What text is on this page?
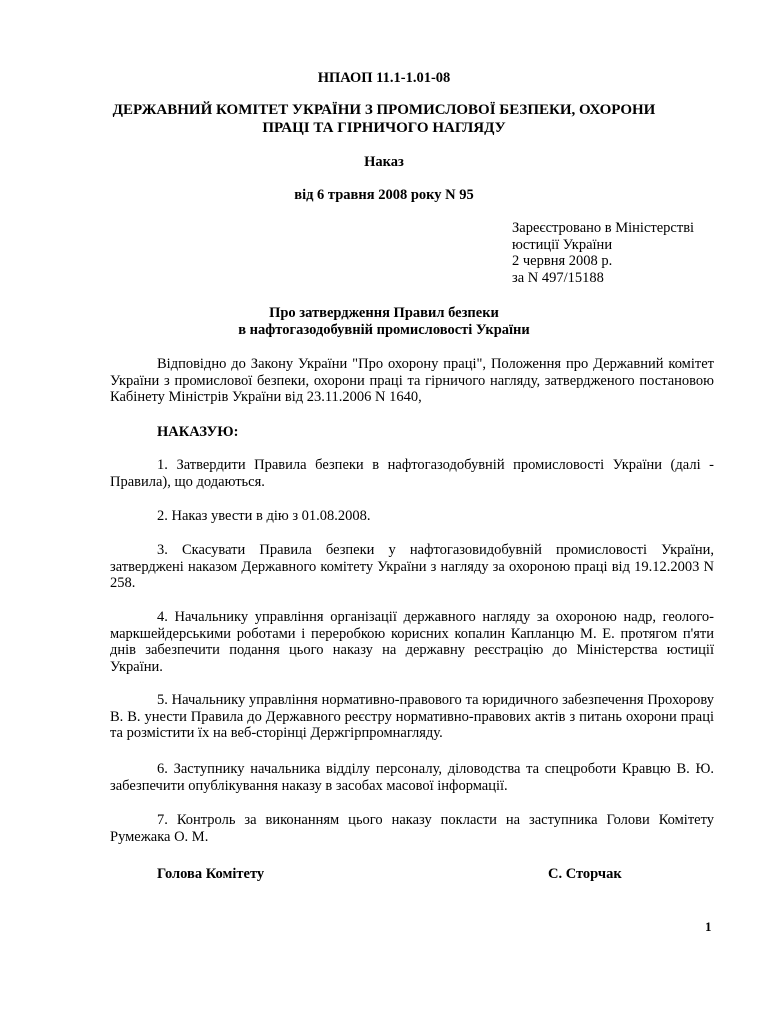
НПАОП 11.1-1.01-08
ДЕРЖАВНИЙ КОМІТЕТ УКРАЇНИ З ПРОМИСЛОВОЇ БЕЗПЕКИ, ОХОРОНИ
ПРАЦІ ТА ГІРНИЧОГО НАГЛЯДУ
Наказ
від 6 травня 2008 року N 95
Зареєстровано в Міністерстві
юстиції України
2 червня 2008 р.
за N 497/15188
Про затвердження Правил безпеки
в нафтогазодобувній промисловості України
Відповідно до Закону України "Про охорону праці", Положення про Державний комітет України з промислової безпеки, охорони праці та гірничого нагляду, затвердженого постановою Кабінету Міністрів України від 23.11.2006 N 1640,
НАКАЗУЮ:
1. Затвердити Правила безпеки в нафтогазодобувній промисловості України (далі - Правила), що додаються.
2. Наказ увести в дію з 01.08.2008.
3. Скасувати Правила безпеки у нафтогазовидобувній промисловості України, затверджені наказом Державного комітету України з нагляду за охороною праці від 19.12.2003 N 258.
4. Начальнику управління організації державного нагляду за охороною надр, геолого-маркшейдерськими роботами і переробкою корисних копалин Капланцю М. Е. протягом п'яти днів забезпечити подання цього наказу на державну реєстрацію до Міністерства юстиції України.
5. Начальнику управління нормативно-правового та юридичного забезпечення Прохорову В. В. унести Правила до Державного реєстру нормативно-правових актів з питань охорони праці та розмістити їх на веб-сторінці Держгірпромнагляду.
6. Заступнику начальника відділу персоналу, діловодства та спецроботи Кравцю В. Ю. забезпечити опублікування наказу в засобах масової інформації.
7. Контроль за виконанням цього наказу покласти на заступника Голови Комітету Румежака О. М.
Голова Комітету	С. Сторчак
1
